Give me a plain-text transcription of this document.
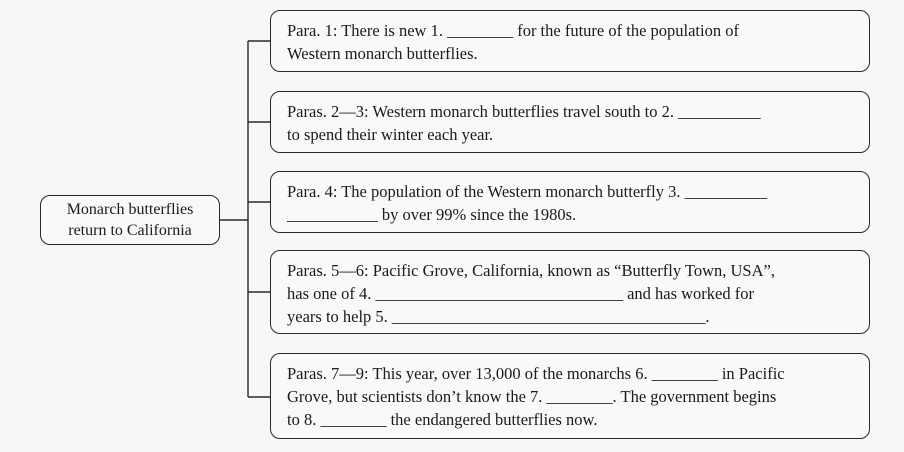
Monarch butterflies
return to California
Para. 1: There is new 1. ________ for the future of the population of
Western monarch butterflies.
Paras. 2—3: Western monarch butterflies travel south to 2. __________
to spend their winter each year.
Para. 4: The population of the Western monarch butterfly 3. __________
___________ by over 99% since the 1980s.
Paras. 5—6: Pacific Grove, California, known as “Butterfly Town, USA”,
has one of 4. ______________________________ and has worked for
years to help 5. ______________________________________.
Paras. 7—9: This year, over 13,000 of the monarchs 6. ________ in Pacific
Grove, but scientists don’t know the 7. ________. The government begins
to 8. ________ the endangered butterflies now.
